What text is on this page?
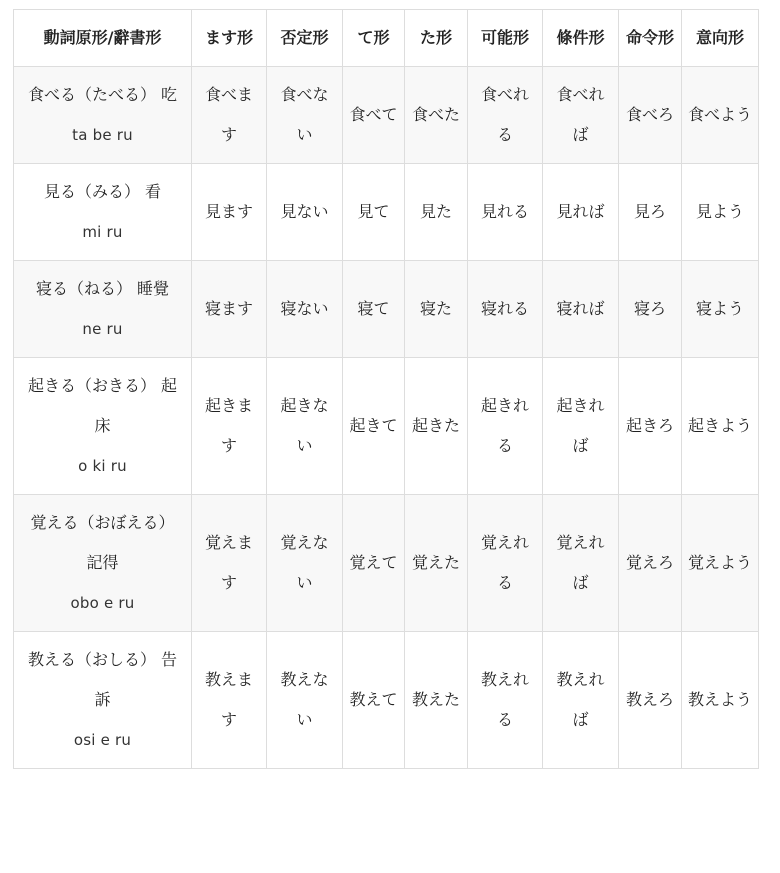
動詞原形/辭書形	ます形	否定形	て形	た形	可能形	條件形	命令形	意向形

食べる（たべる） 吃
ta be ru	食べます	食べない	食べて	食べた	食べれる	食べれば	食べろ	食べよう

見る（みる） 看
mi ru	見ます	見ない	見て	見た	見れる	見れば	見ろ	見よう

寝る（ねる） 睡覺
ne ru	寝ます	寝ない	寝て	寝た	寝れる	寝れば	寝ろ	寝よう

起きる（おきる） 起床
o ki ru	起きます	起きない	起きて	起きた	起きれる	起きれば	起きろ	起きよう

覚える（おぼえる） 記得
obo e ru	覚えます	覚えない	覚えて	覚えた	覚えれる	覚えれば	覚えろ	覚えよう

教える（おしる） 告訴
osi e ru	教えます	教えない	教えて	教えた	教えれる	教えれば	教えろ	教えよう
